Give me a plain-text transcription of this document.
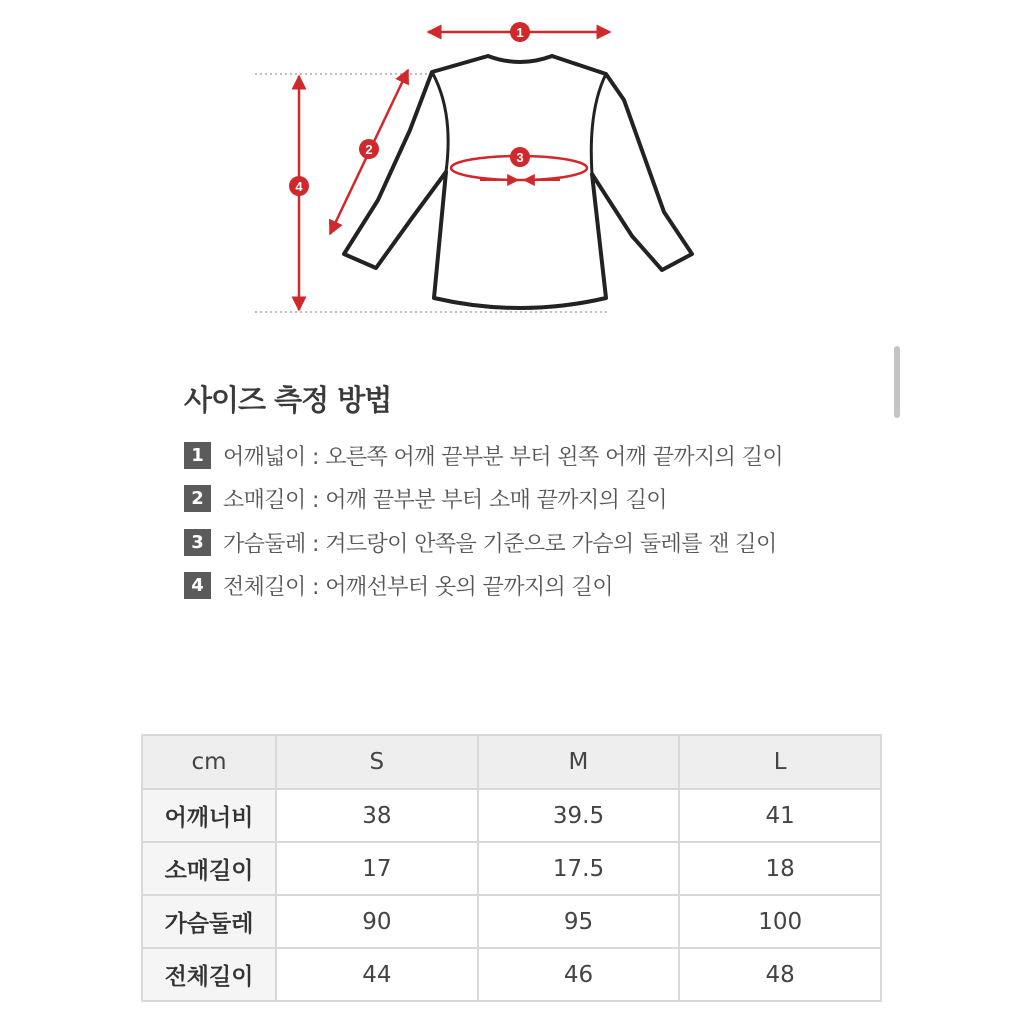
1
2
3
4
사이즈 측정 방법
1 어깨넓이 : 오른쪽 어깨 끝부분 부터 왼쪽 어깨 끝까지의 길이
2 소매길이 : 어깨 끝부분 부터 소매 끝까지의 길이
3 가슴둘레 : 겨드랑이 안쪽을 기준으로 가슴의 둘레를 잰 길이
4 전체길이 : 어깨선부터 옷의 끝까지의 길이
cm	S	M	L
어깨너비	38	39.5	41
소매길이	17	17.5	18
가슴둘레	90	95	100
전체길이	44	46	48
